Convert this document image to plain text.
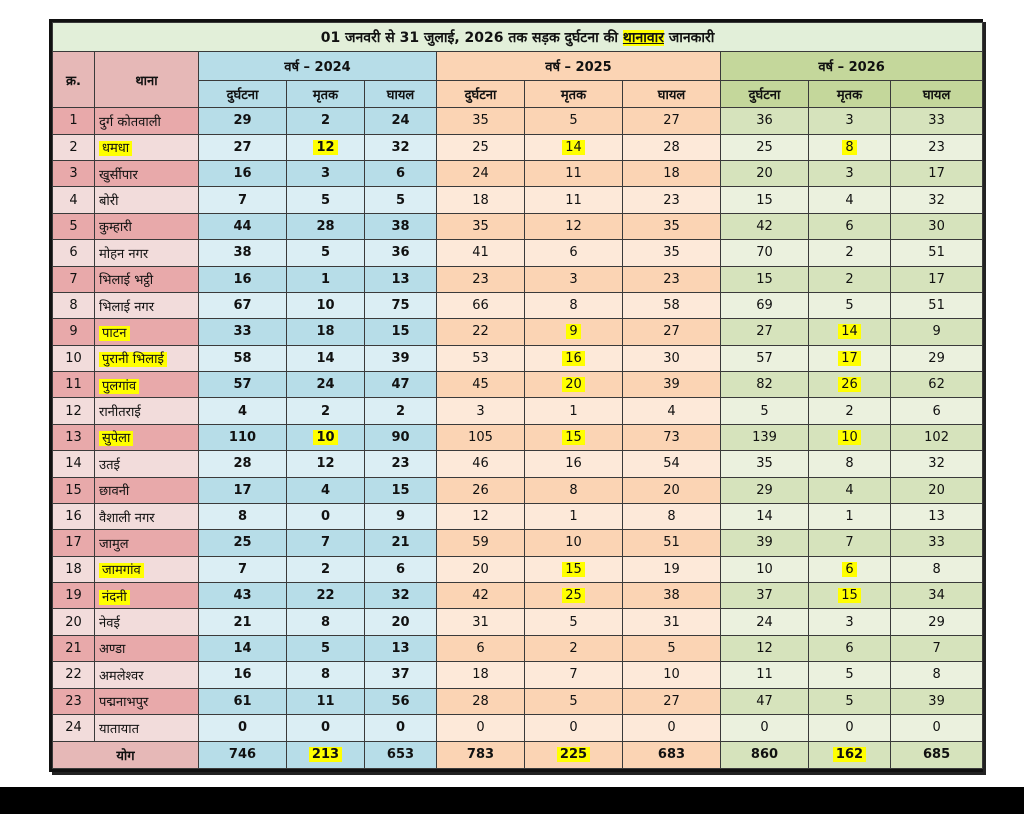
01 जनवरी से 31 जुलाई, 2026 तक सड़क दुर्घटना की थानावार जानकारी										
क्र.	थाना	वर्ष – 2024			वर्ष – 2025			वर्ष – 2026		
		दुर्घटना	मृतक	घायल	दुर्घटना	मृतक	घायल	दुर्घटना	मृतक	घायल
1	दुर्ग कोतवाली	29	2	24	35	5	27	36	3	33
2	धमधा	27	12	32	25	14	28	25	8	23
3	खुर्सीपार	16	3	6	24	11	18	20	3	17
4	बोरी	7	5	5	18	11	23	15	4	32
5	कुम्हारी	44	28	38	35	12	35	42	6	30
6	मोहन नगर	38	5	36	41	6	35	70	2	51
7	भिलाई भट्ठी	16	1	13	23	3	23	15	2	17
8	भिलाई नगर	67	10	75	66	8	58	69	5	51
9	पाटन	33	18	15	22	9	27	27	14	9
10	पुरानी भिलाई	58	14	39	53	16	30	57	17	29
11	पुलगांव	57	24	47	45	20	39	82	26	62
12	रानीतराई	4	2	2	3	1	4	5	2	6
13	सुपेला	110	10	90	105	15	73	139	10	102
14	उतई	28	12	23	46	16	54	35	8	32
15	छावनी	17	4	15	26	8	20	29	4	20
16	वैशाली नगर	8	0	9	12	1	8	14	1	13
17	जामुल	25	7	21	59	10	51	39	7	33
18	जामगांव	7	2	6	20	15	19	10	6	8
19	नंदनी	43	22	32	42	25	38	37	15	34
20	नेवई	21	8	20	31	5	31	24	3	29
21	अण्डा	14	5	13	6	2	5	12	6	7
22	अमलेश्वर	16	8	37	18	7	10	11	5	8
23	पद्मनाभपुर	61	11	56	28	5	27	47	5	39
24	यातायात	0	0	0	0	0	0	0	0	0
योग		746	213	653	783	225	683	860	162	685
